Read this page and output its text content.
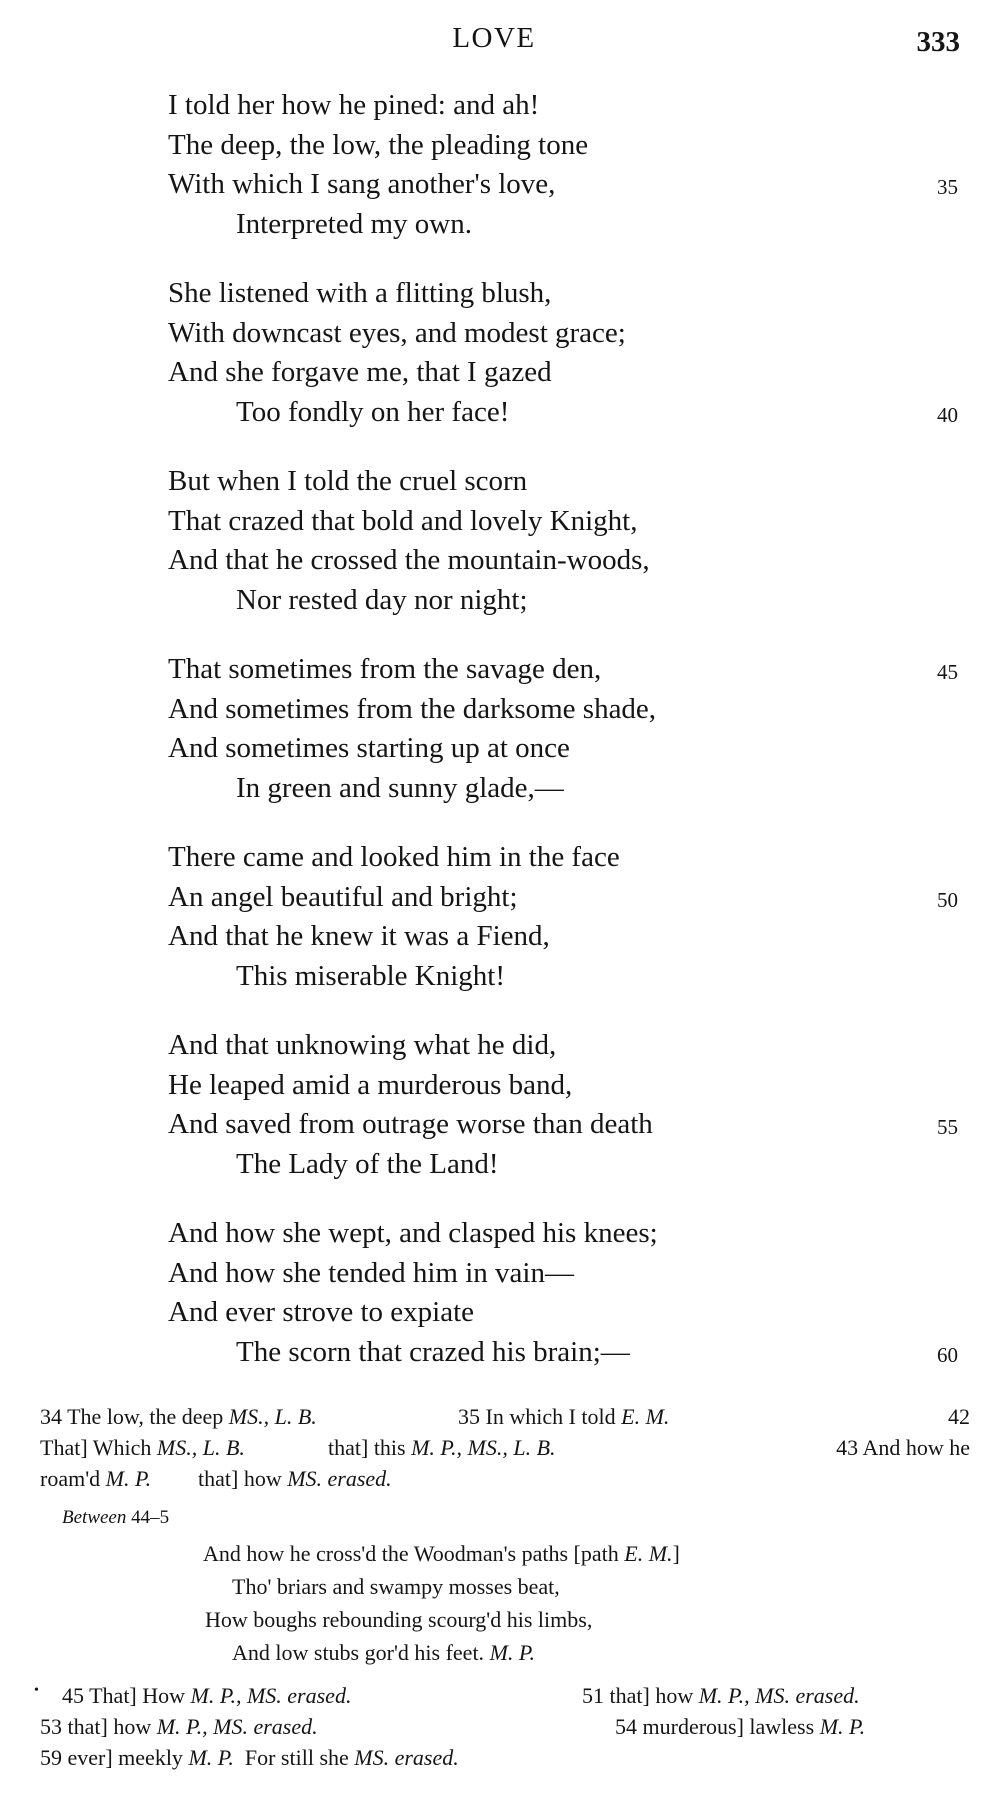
LOVE	333
I told her how he pined: and ah!
The deep, the low, the pleading tone
With which I sang another's love,	35
Interpreted my own.
She listened with a flitting blush,
With downcast eyes, and modest grace;
And she forgave me, that I gazed
Too fondly on her face!	40
But when I told the cruel scorn
That crazed that bold and lovely Knight,
And that he crossed the mountain-woods,
Nor rested day nor night;
That sometimes from the savage den,	45
And sometimes from the darksome shade,
And sometimes starting up at once
In green and sunny glade,—
There came and looked him in the face
An angel beautiful and bright;	50
And that he knew it was a Fiend,
This miserable Knight!
And that unknowing what he did,
He leaped amid a murderous band,
And saved from outrage worse than death	55
The Lady of the Land!
And how she wept, and clasped his knees;
And how she tended him in vain—
And ever strove to expiate
The scorn that crazed his brain;—	60
34 The low, the deep MS., L. B.	35 In which I told E. M.	42
That] Which MS., L. B.	that] this M. P., MS., L. B.	43 And how he
roam'd M. P. that] how MS. erased.
Between 44–5
And how he cross'd the Woodman's paths [path E. M.]
Tho' briars and swampy mosses beat,
How boughs rebounding scourg'd his limbs,
And low stubs gor'd his feet. M. P.
• 45 That] How M. P., MS. erased.	51 that] how M. P., MS. erased.
53 that] how M. P., MS. erased.	54 murderous] lawless M. P.
59 ever] meekly M. P. For still she MS. erased.
